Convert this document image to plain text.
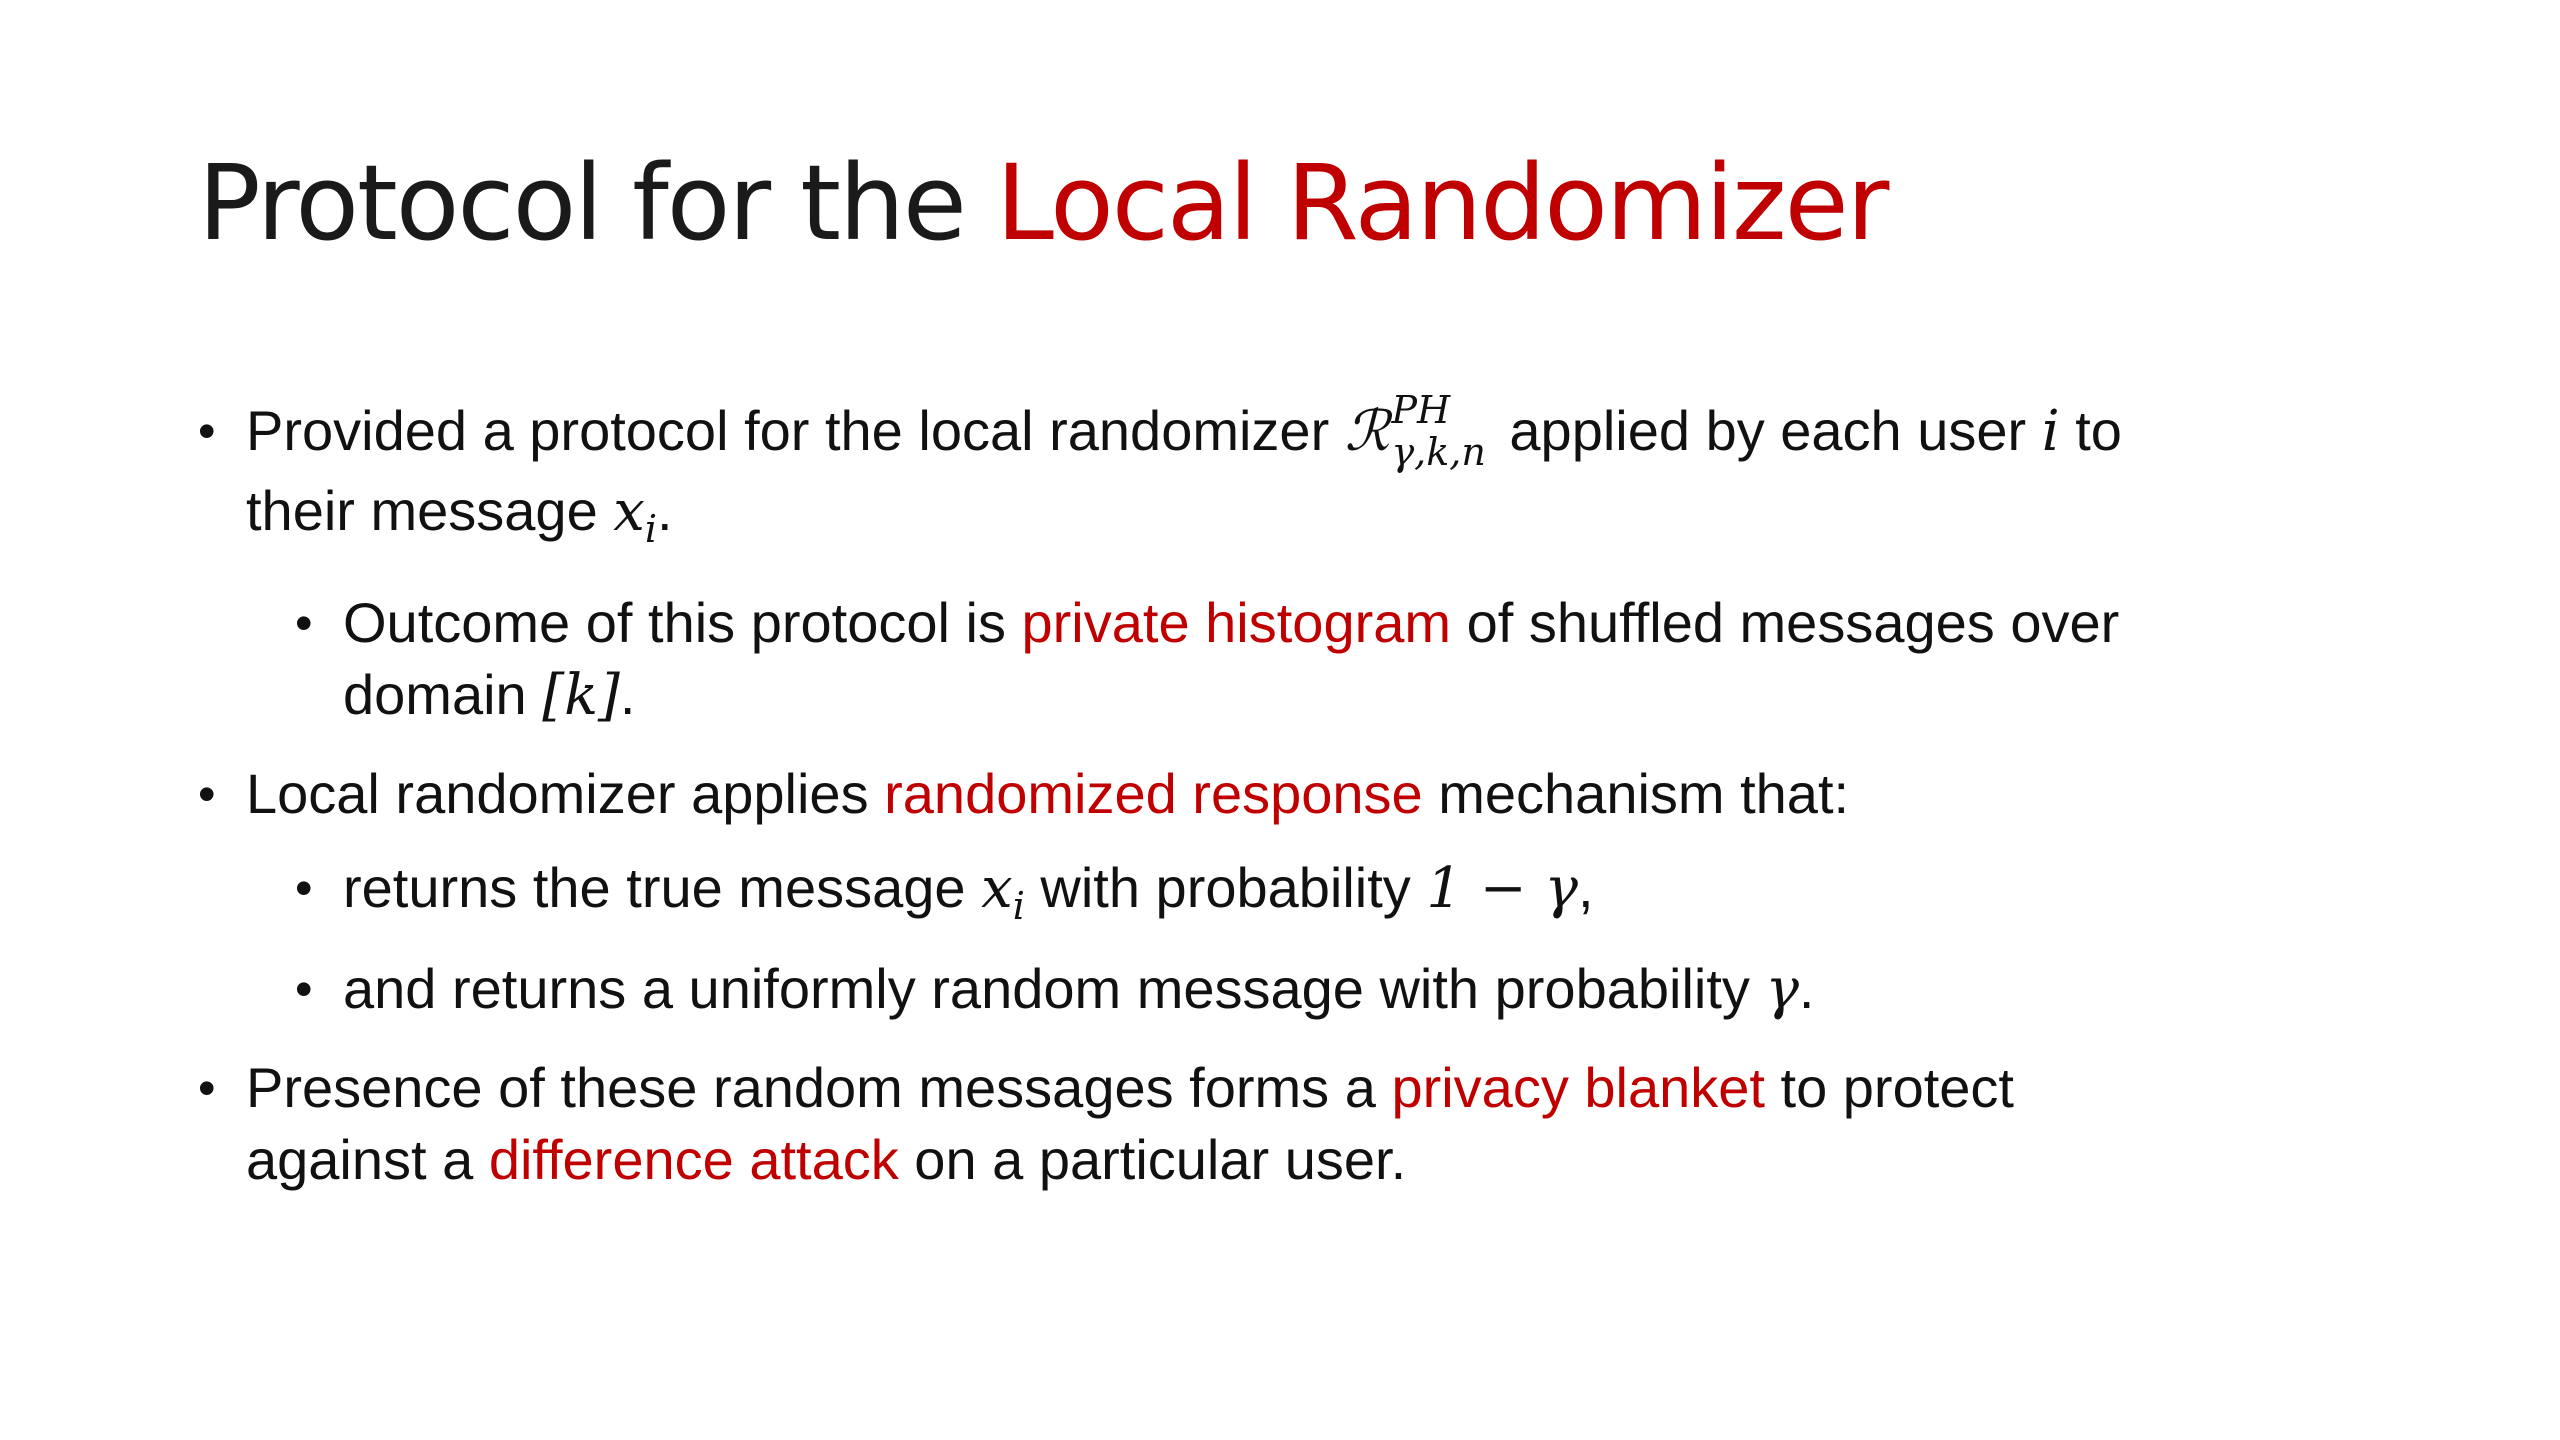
Protocol for the Local Randomizer
• Provided a protocol for the local randomizer ℛ PH
γ,k,n applied by each user i to their message $x_i$.
• Outcome of this protocol is private histogram of shuffled messages over domain [k].
• Local randomizer applies randomized response mechanism that:
• returns the true message $x_i$ with probability 1 − γ,
• and returns a uniformly random message with probability γ.
• Presence of these random messages forms a privacy blanket to protect against a difference attack on a particular user.
